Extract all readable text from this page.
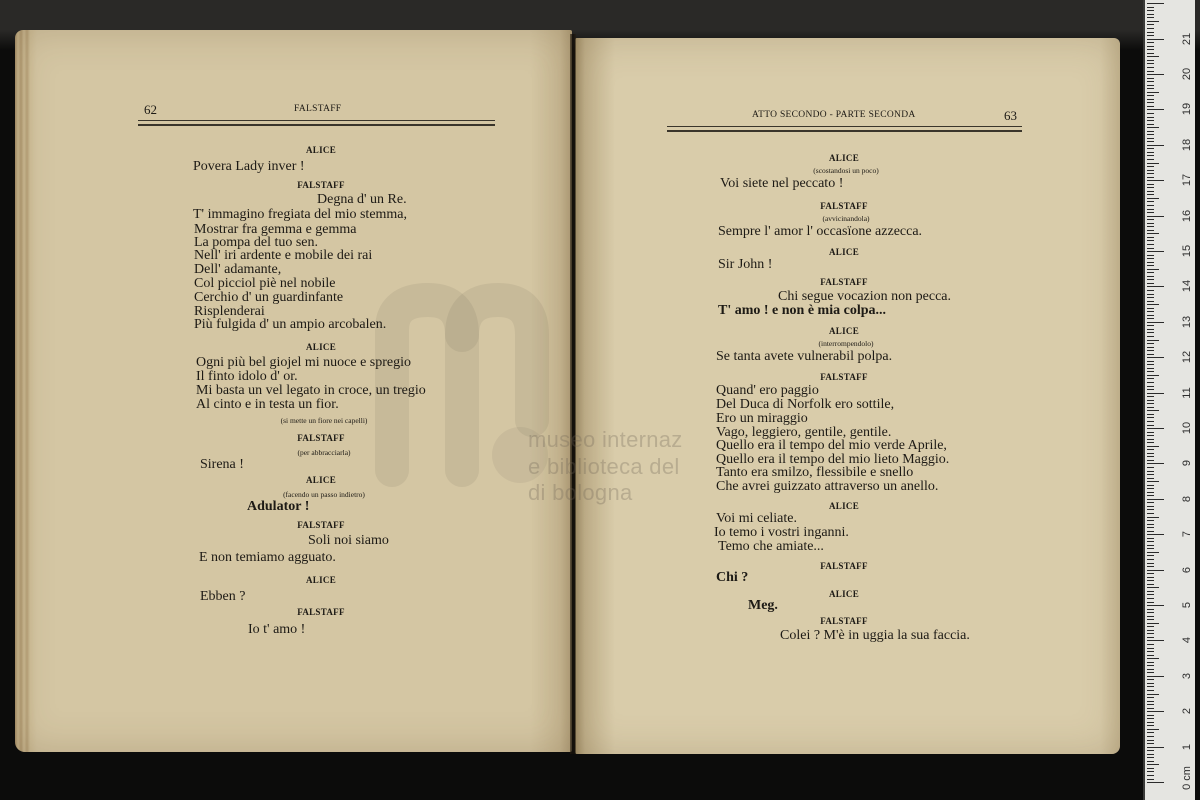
museo internaz
e biblioteca del
di bologna
62	FALSTAFF
ALICE
Povera Lady inver !
FALSTAFF
Degna d' un Re.
T' immagino fregiata del mio stemma,
Mostrar fra gemma e gemma
La pompa del tuo sen.
Nell' iri ardente e mobile dei rai
Dell' adamante,
Col picciol piè nel nobile
Cerchio d' un guardinfante
Risplenderai
Più fulgida d' un ampio arcobalen.
ALICE
Ogni più bel giojel mi nuoce e spregio
Il finto idolo d' or.
Mi basta un vel legato in croce, un tregio
Al cinto e in testa un fior.
(si mette un fiore nei capelli)
FALSTAFF
(per abbracciarla)
Sirena !
ALICE
(facendo un passo indietro)
Adulator !
FALSTAFF
Soli noi siamo
E non temiamo agguato.
ALICE
Ebben ?
FALSTAFF
Io t' amo !
ATTO SECONDO - PARTE SECONDA	63
ALICE
(scostandosi un poco)
Voi siete nel peccato !
FALSTAFF
(avvicinandola)
Sempre l' amor l' occasïone azzecca.
ALICE
Sir John !
FALSTAFF
Chi segue vocazion non pecca.
T' amo ! e non è mia colpa...
ALICE
(interrompendolo)
Se tanta avete vulnerabil polpa.
FALSTAFF
Quand' ero paggio
Del Duca di Norfolk ero sottile,
Ero un miraggio
Vago, leggiero, gentile, gentile.
Quello era il tempo del mio verde Aprile,
Quello era il tempo del mio lieto Maggio.
Tanto era smilzo, flessibile e snello
Che avrei guizzato attraverso un anello.
ALICE
Voi mi celiate.
Io temo i vostri inganni.
Temo che amiate...
FALSTAFF
Chi ?
ALICE
Meg.
FALSTAFF
Colei ? M'è in uggia la sua faccia.
0 cm
1
2
3
4
5
6
7
8
9
10
11
12
13
14
15
16
17
18
19
20
21
